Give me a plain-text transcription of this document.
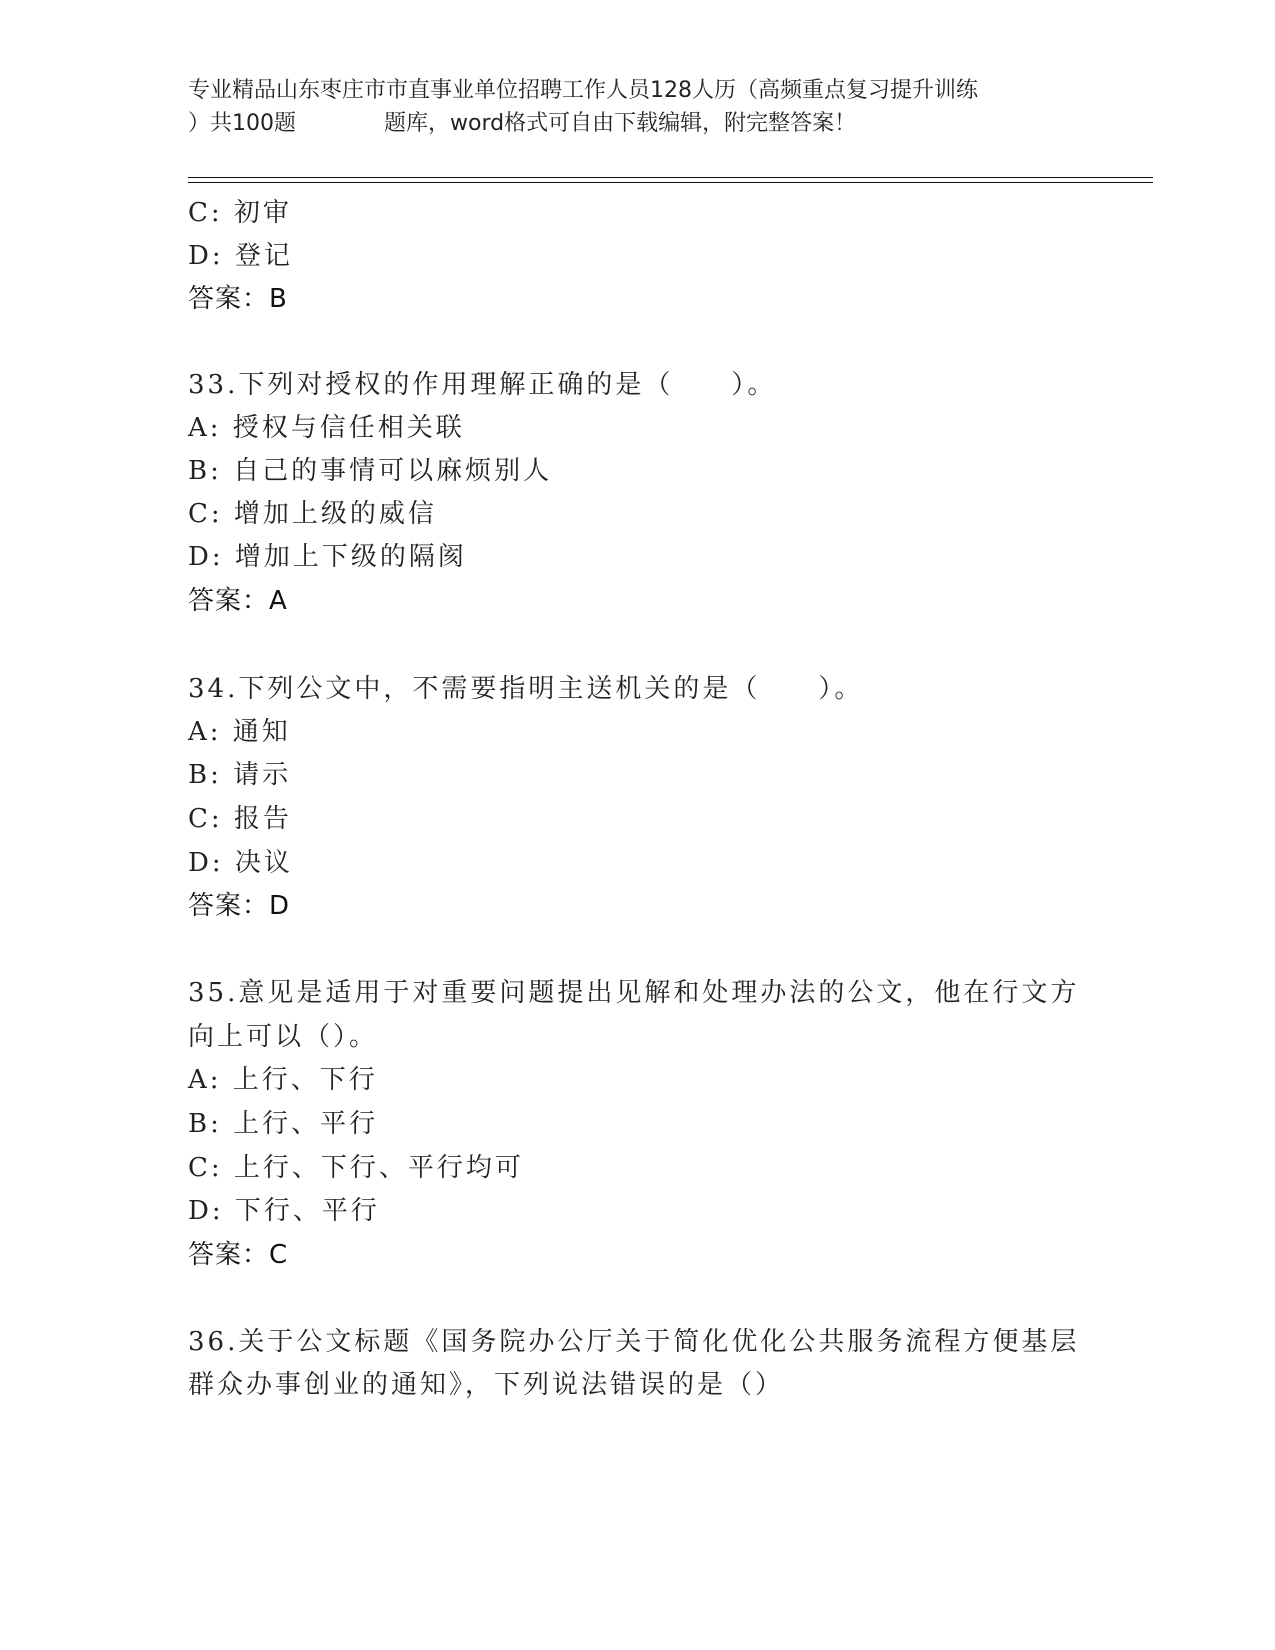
专业精品山东枣庄市市直事业单位招聘工作人员128人历（高频重点复习提升训练
）共100题　　　　题库，word格式可自由下载编辑，附完整答案！
C: 初审
D: 登记
答案：B
33.下列对授权的作用理解正确的是（　　）。
A: 授权与信任相关联
B: 自己的事情可以麻烦别人
C: 增加上级的威信
D: 增加上下级的隔阂
答案：A
34.下列公文中，不需要指明主送机关的是（　　）。
A: 通知
B: 请示
C: 报告
D: 决议
答案：D
35.意见是适用于对重要问题提出见解和处理办法的公文，他在行文方
向上可以（）。
A: 上行、下行
B: 上行、平行
C: 上行、下行、平行均可
D: 下行、平行
答案：C
36.关于公文标题《国务院办公厅关于简化优化公共服务流程方便基层
群众办事创业的通知》，下列说法错误的是（）
